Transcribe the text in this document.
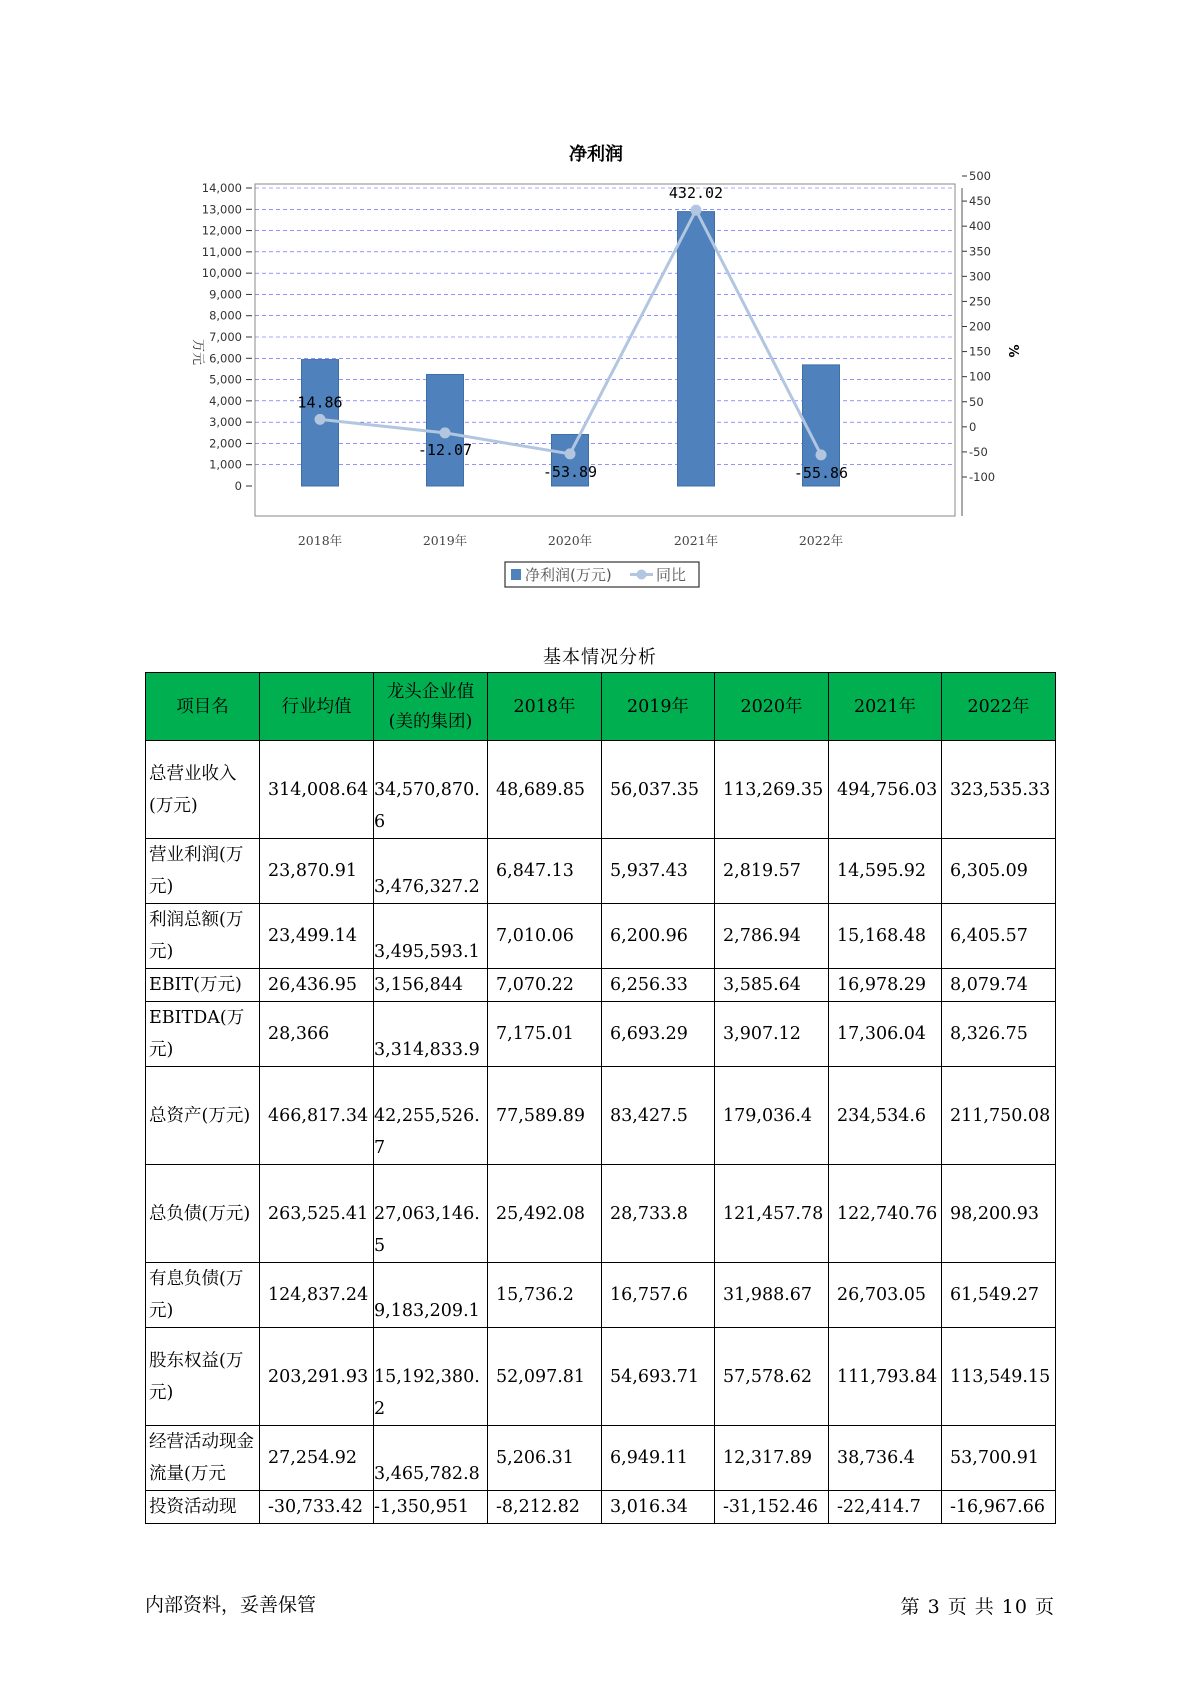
净利润
0
1,000
2,000
3,000
4,000
5,000
6,000
7,000
8,000
9,000
10,000
11,000
12,000
13,000
14,000
-100
-50
0
50
100
150
200
250
300
350
400
450
500
万元	%
14.86
-12.07
-53.89
432.02
-55.86
2018年	2019年	2020年	2021年	2022年
净利润(万元)	同比
基本情况分析
项目名	行业均值	龙头企业值(美的集团)	2018年	2019年	2020年	2021年	2022年
总营业收入(万元)	314,008.64	34,570,870.6	48,689.85	56,037.35	113,269.35	494,756.03	323,535.33
营业利润(万元)	23,870.91	3,476,327.2	6,847.13	5,937.43	2,819.57	14,595.92	6,305.09
利润总额(万元)	23,499.14	3,495,593.1	7,010.06	6,200.96	2,786.94	15,168.48	6,405.57
EBIT(万元)	26,436.95	3,156,844	7,070.22	6,256.33	3,585.64	16,978.29	8,079.74
EBITDA(万元)	28,366	3,314,833.9	7,175.01	6,693.29	3,907.12	17,306.04	8,326.75
总资产(万元)	466,817.34	42,255,526.7	77,589.89	83,427.5	179,036.4	234,534.6	211,750.08
总负债(万元)	263,525.41	27,063,146.5	25,492.08	28,733.8	121,457.78	122,740.76	98,200.93
有息负债(万元)	124,837.24	9,183,209.1	15,736.2	16,757.6	31,988.67	26,703.05	61,549.27
股东权益(万元)	203,291.93	15,192,380.2	52,097.81	54,693.71	57,578.62	111,793.84	113,549.15
经营活动现金流量(万元	27,254.92	3,465,782.8	5,206.31	6,949.11	12,317.89	38,736.4	53,700.91
投资活动现	-30,733.42	-1,350,951	-8,212.82	3,016.34	-31,152.46	-22,414.7	-16,967.66
内部资料，妥善保管	第 3 页 共 10 页
